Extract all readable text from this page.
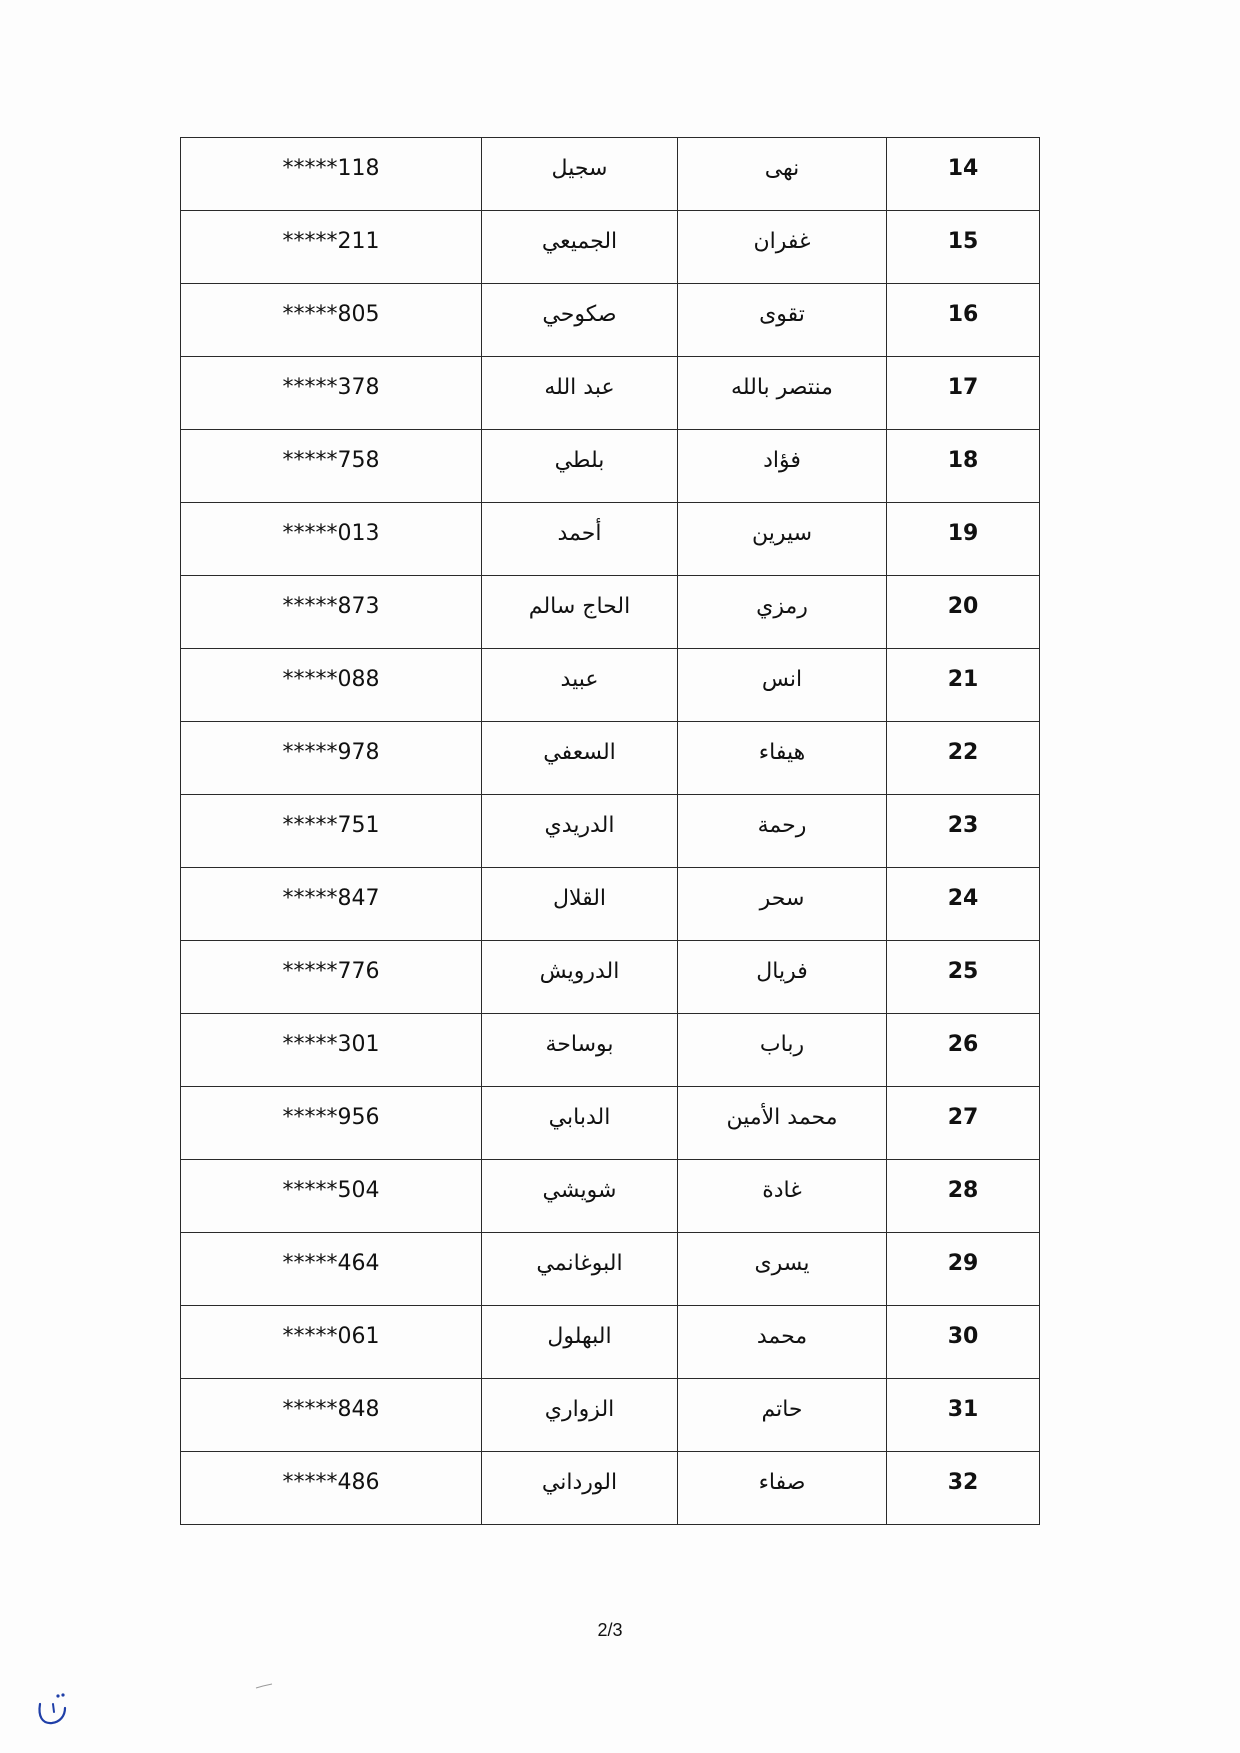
*****118	سجيل	نهى	14
*****211	الجميعي	غفران	15
*****805	صكوحي	تقوى	16
*****378	عبد الله	منتصر بالله	17
*****758	بلطي	فؤاد	18
*****013	أحمد	سيرين	19
*****873	الحاج سالم	رمزي	20
*****088	عبيد	انس	21
*****978	السعفي	هيفاء	22
*****751	الدريدي	رحمة	23
*****847	القلال	سحر	24
*****776	الدرويش	فريال	25
*****301	بوساحة	رباب	26
*****956	الدبابي	محمد الأمين	27
*****504	شويشي	غادة	28
*****464	البوغانمي	يسرى	29
*****061	البهلول	محمد	30
*****848	الزواري	حاتم	31
*****486	الورداني	صفاء	32
2/3
